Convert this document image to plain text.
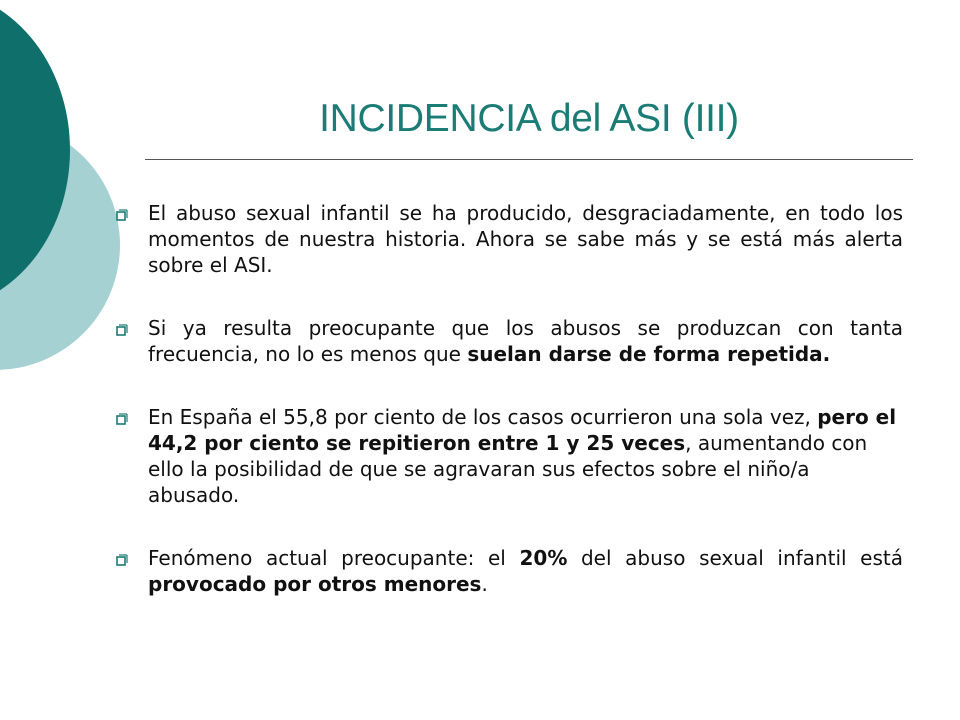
INCIDENCIA del ASI (III)
El abuso sexual infantil se ha producido, desgraciadamente, en todo los momentos de nuestra historia. Ahora se sabe más y se está más alerta sobre el ASI.
Si ya resulta preocupante que los abusos se produzcan con tanta frecuencia, no lo es menos que suelan darse de forma repetida.
En España el 55,8 por ciento de los casos ocurrieron una sola vez, pero el 44,2 por ciento se repitieron entre 1 y 25 veces, aumentando con ello la posibilidad de que se agravaran sus efectos sobre el niño/a abusado.
Fenómeno actual preocupante: el 20% del abuso sexual infantil está provocado por otros menores.
